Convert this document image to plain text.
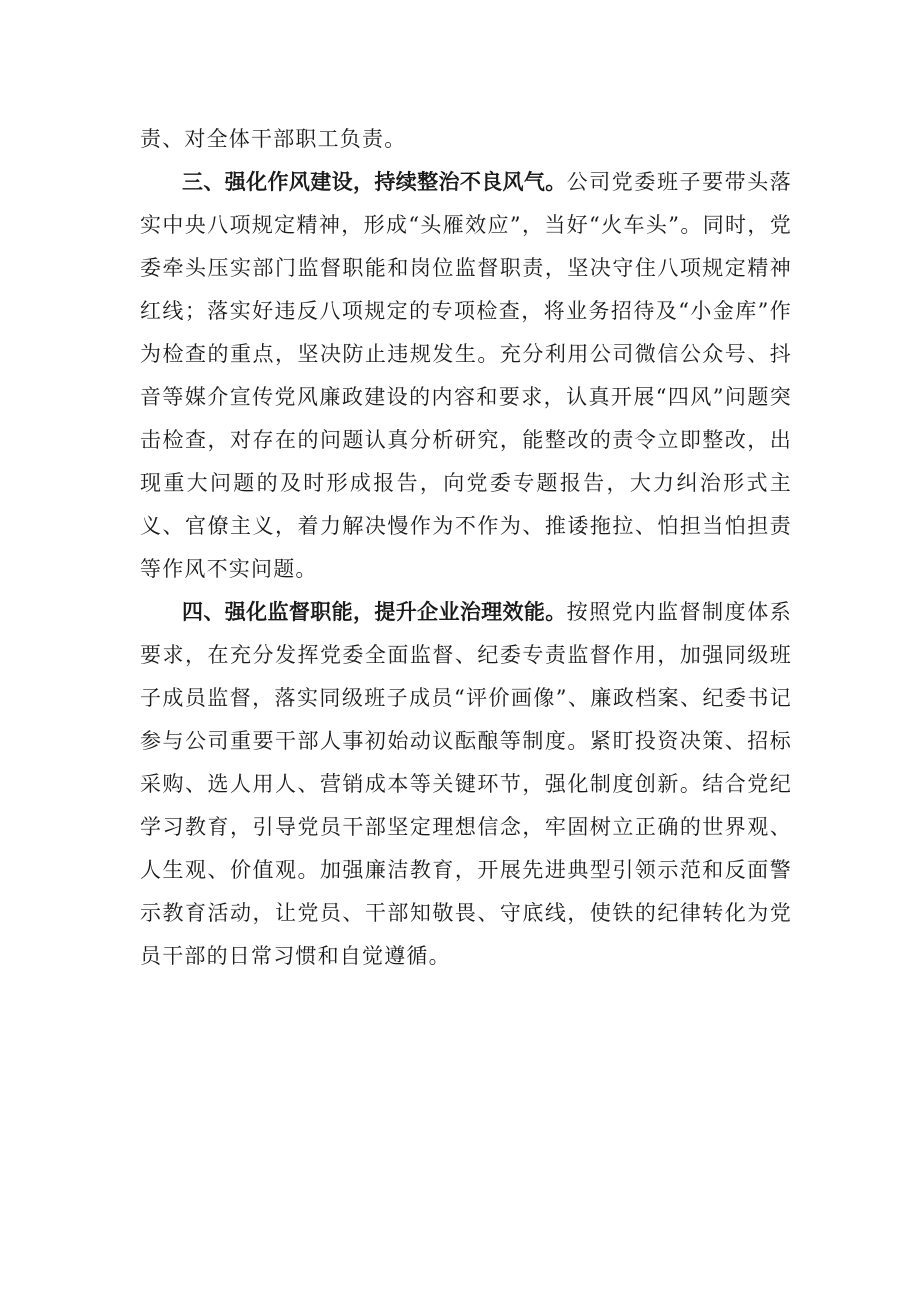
责、对全体干部职工负责。

三、强化作风建设，持续整治不良风气。公司党委班子要带头落实中央八项规定精神，形成“头雁效应”，当好“火车头”。同时，党委牵头压实部门监督职能和岗位监督职责，坚决守住八项规定精神红线；落实好违反八项规定的专项检查，将业务招待及“小金库”作为检查的重点，坚决防止违规发生。充分利用公司微信公众号、抖音等媒介宣传党风廉政建设的内容和要求，认真开展“四风”问题突击检查，对存在的问题认真分析研究，能整改的责令立即整改，出现重大问题的及时形成报告，向党委专题报告，大力纠治形式主义、官僚主义，着力解决慢作为不作为、推诿拖拉、怕担当怕担责等作风不实问题。

四、强化监督职能，提升企业治理效能。按照党内监督制度体系要求，在充分发挥党委全面监督、纪委专责监督作用，加强同级班子成员监督，落实同级班子成员“评价画像”、廉政档案、纪委书记参与公司重要干部人事初始动议酝酿等制度。紧盯投资决策、招标采购、选人用人、营销成本等关键环节，强化制度创新。结合党纪学习教育，引导党员干部坚定理想信念，牢固树立正确的世界观、人生观、价值观。加强廉洁教育，开展先进典型引领示范和反面警示教育活动，让党员、干部知敬畏、守底线，使铁的纪律转化为党员干部的日常习惯和自觉遵循。
